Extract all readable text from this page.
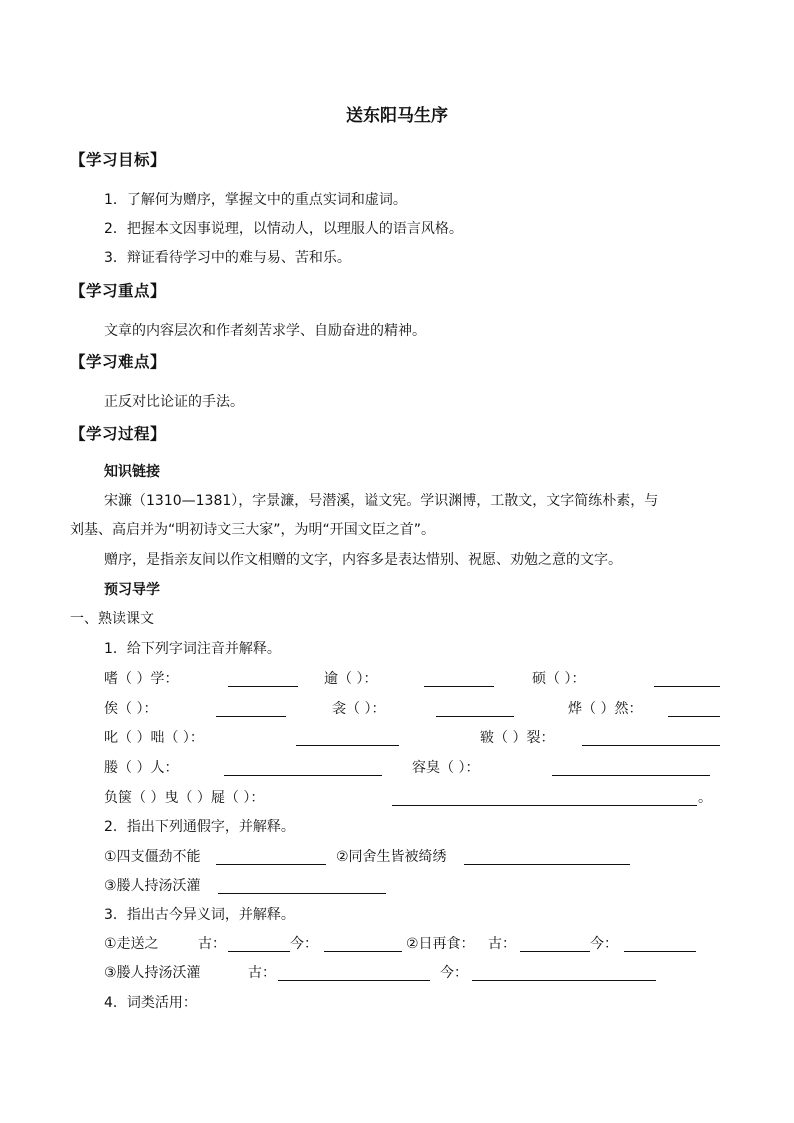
送东阳马生序
【学习目标】
1．了解何为赠序，掌握文中的重点实词和虚词。
2．把握本文因事说理，以情动人，以理服人的语言风格。
3．辩证看待学习中的难与易、苦和乐。
【学习重点】
文章的内容层次和作者刻苦求学、自励奋进的精神。
【学习难点】
正反对比论证的手法。
【学习过程】
知识链接
宋濂（1310—1381），字景濂，号潜溪，谥文宪。学识渊博，工散文，文字简练朴素，与
刘基、高启并为“明初诗文三大家”，为明“开国文臣之首”。
赠序，是指亲友间以作文相赠的文字，内容多是表达惜别、祝愿、劝勉之意的文字。
预习导学
一、熟读课文
1．给下列字词注音并解释。
嗜（ ）学：	逾（ ）：	硕（ ）：
俟（ ）：	衾（ ）：	烨（ ）然：
叱（ ）咄（ ）：	皲（ ）裂：
媵（ ）人：	容臭（ ）：
负箧（ ）曳（ ）屣（ ）：	。
2．指出下列通假字，并解释。
①四支僵劲不能	②同舍生皆被绮绣
③媵人持汤沃灌
3．指出古今异义词，并解释。
①走送之	古：	今：	②日再食： 古：	今：
③媵人持汤沃灌	古：	今：
4．词类活用：
